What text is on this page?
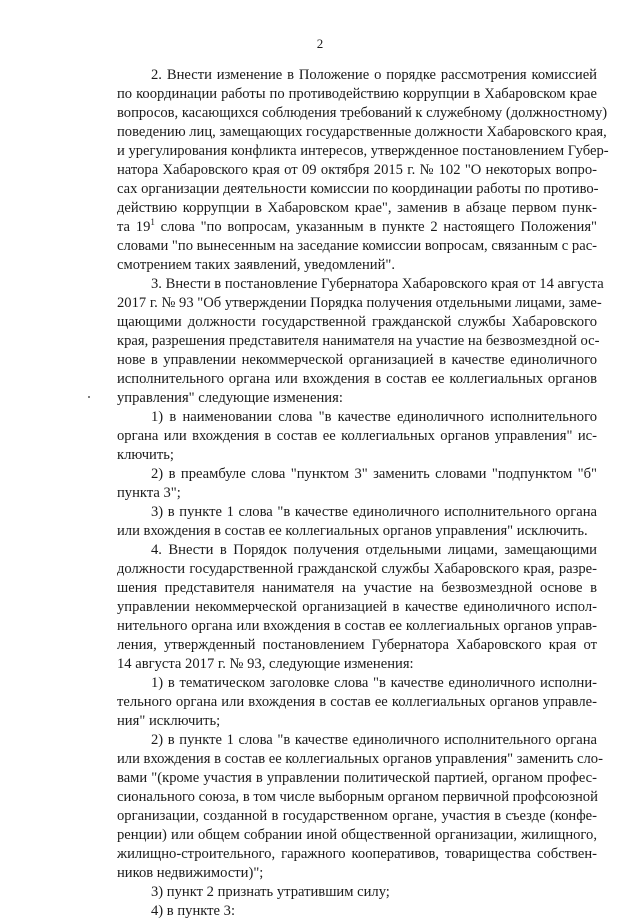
2
2. Внести изменение в Положение о порядке рассмотрения комиссией
по координации работы по противодействию коррупции в Хабаровском крае
вопросов, касающихся соблюдения требований к служебному (должностному)
поведению лиц, замещающих государственные должности Хабаровского края,
и урегулирования конфликта интересов, утвержденное постановлением Губер-
натора Хабаровского края от 09 октября 2015 г. № 102 "О некоторых вопро-
сах организации деятельности комиссии по координации работы по противо-
действию коррупции в Хабаровском крае", заменив в абзаце первом пунк-
та $19^1$ слова "по вопросам, указанным в пункте 2 настоящего Положения"
словами "по вынесенным на заседание комиссии вопросам, связанным с рас-
смотрением таких заявлений, уведомлений".
3. Внести в постановление Губернатора Хабаровского края от 14 августа
2017 г. № 93 "Об утверждении Порядка получения отдельными лицами, заме-
щающими должности государственной гражданской службы Хабаровского
края, разрешения представителя нанимателя на участие на безвозмездной ос-
нове в управлении некоммерческой организацией в качестве единоличного
исполнительного органа или вхождения в состав ее коллегиальных органов
управления" следующие изменения:
1) в наименовании слова "в качестве единоличного исполнительного
органа или вхождения в состав ее коллегиальных органов управления" ис-
ключить;
2) в преамбуле слова "пунктом 3" заменить словами "подпунктом "б"
пункта 3";
3) в пункте 1 слова "в качестве единоличного исполнительного органа
или вхождения в состав ее коллегиальных органов управления" исключить.
4. Внести в Порядок получения отдельными лицами, замещающими
должности государственной гражданской службы Хабаровского края, разре-
шения представителя нанимателя на участие на безвозмездной основе в
управлении некоммерческой организацией в качестве единоличного испол-
нительного органа или вхождения в состав ее коллегиальных органов управ-
ления, утвержденный постановлением Губернатора Хабаровского края от
14 августа 2017 г. № 93, следующие изменения:
1) в тематическом заголовке слова "в качестве единоличного исполни-
тельного органа или вхождения в состав ее коллегиальных органов управле-
ния" исключить;
2) в пункте 1 слова "в качестве единоличного исполнительного органа
или вхождения в состав ее коллегиальных органов управления" заменить сло-
вами "(кроме участия в управлении политической партией, органом профес-
сионального союза, в том числе выборным органом первичной профсоюзной
организации, созданной в государственном органе, участия в съезде (конфе-
ренции) или общем собрании иной общественной организации, жилищного,
жилищно-строительного, гаражного кооперативов, товарищества собствен-
ников недвижимости)";
3) пункт 2 признать утратившим силу;
4) в пункте 3:
